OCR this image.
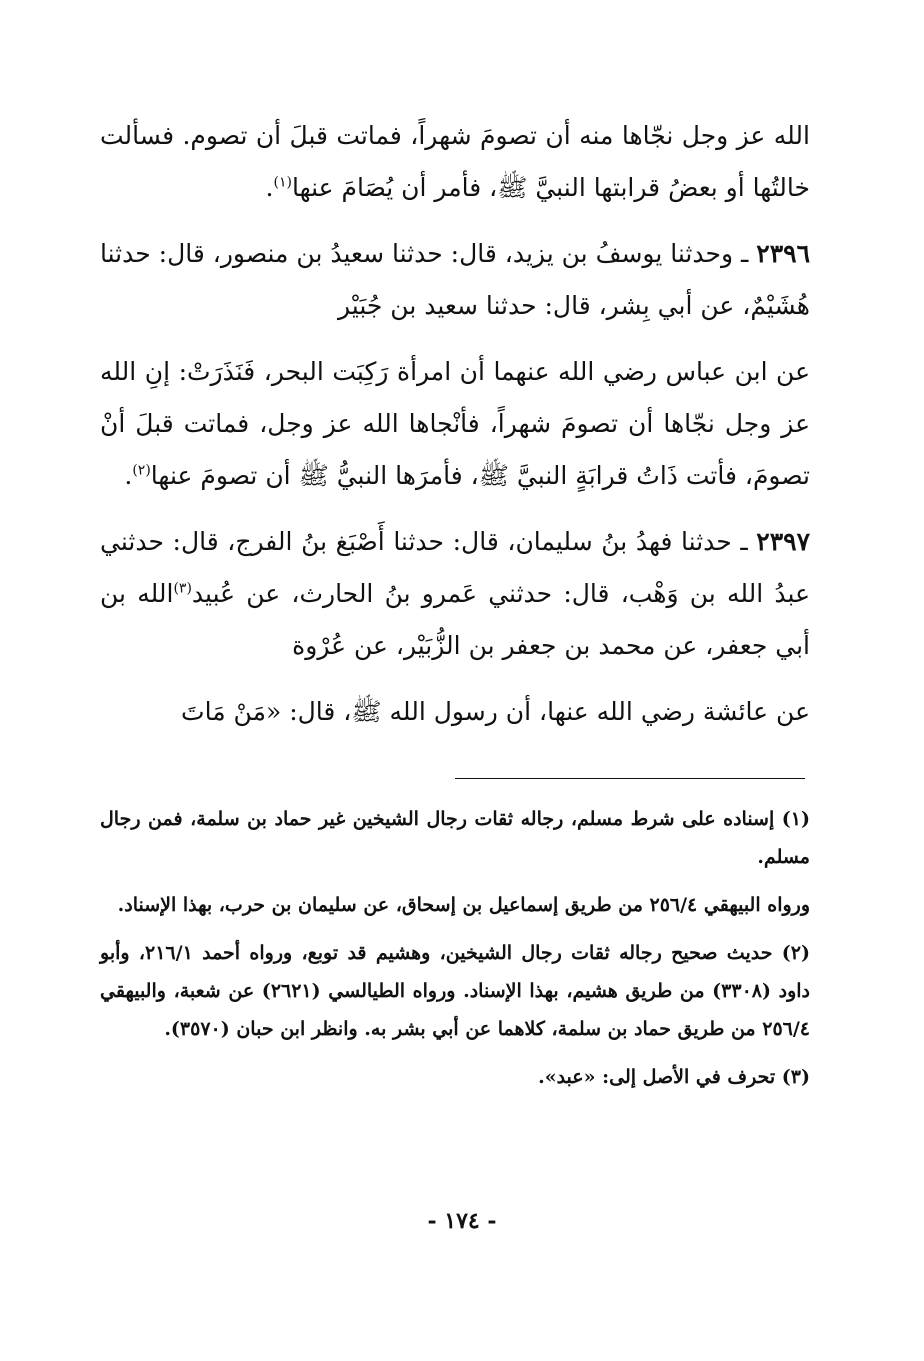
الله عز وجل نجّاها منه أن تصومَ شهراً، فماتت قبلَ أن تصوم. فسألت خالتُها أو بعضُ قرابتها النبيَّ ﷺ، فأمر أن يُصَامَ عنها$^{(١)}$.

٢٣٩٦ ـ وحدثنا يوسفُ بن يزيد، قال: حدثنا سعيدُ بن منصور، قال: حدثنا هُشَيْمٌ، عن أبي بِشر، قال: حدثنا سعيد بن جُبَيْر

عن ابن عباس رضي الله عنهما أن امرأة رَكِبَت البحر، فَنَذَرَتْ: إنِ الله عز وجل نجّاها أن تصومَ شهراً، فأنْجاها الله عز وجل، فماتت قبلَ أنْ تصومَ، فأتت ذَاتُ قرابَةٍ النبيَّ ﷺ، فأمرَها النبيُّ ﷺ أن تصومَ عنها$^{(٢)}$.

٢٣٩٧ ـ حدثنا فهدُ بنُ سليمان، قال: حدثنا أَصْبَغ بنُ الفرج، قال: حدثني عبدُ الله بن وَهْب، قال: حدثني عَمرو بنُ الحارث، عن عُبيد$^{(٣)}$الله بن أبي جعفر، عن محمد بن جعفر بن الزُّبَيْر، عن عُرْوة

عن عائشة رضي الله عنها، أن رسول الله ﷺ، قال: «مَنْ مَاتَ

(١) إسناده على شرط مسلم، رجاله ثقات رجال الشيخين غير حماد بن سلمة، فمن رجال مسلم.

ورواه البيهقي ٢٥٦/٤ من طريق إسماعيل بن إسحاق، عن سليمان بن حرب، بهذا الإسناد.

(٢) حديث صحيح رجاله ثقات رجال الشيخين، وهشيم قد توبع، ورواه أحمد ٢١٦/١، وأبو داود (٣٣٠٨) من طريق هشيم، بهذا الإسناد. ورواه الطيالسي (٢٦٢١) عن شعبة، والبيهقي ٢٥٦/٤ من طريق حماد بن سلمة، كلاهما عن أبي بشر به. وانظر ابن حبان (٣٥٧٠).

(٣) تحرف في الأصل إلى: «عبد».

- ١٧٤ -
